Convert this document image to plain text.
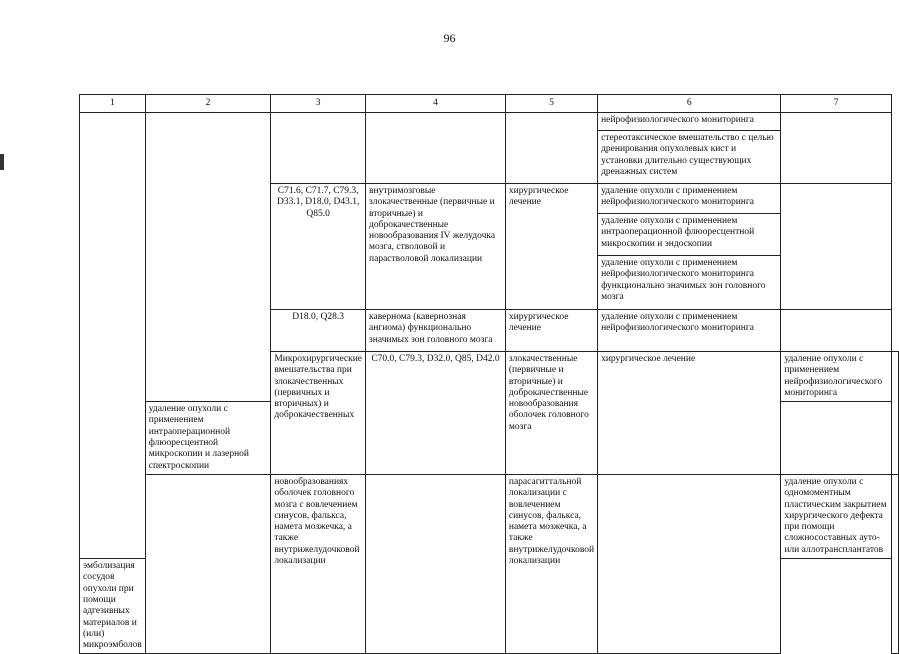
96
1	2	3	4	5	6	7	
					нейрофизиологического мониторинга		
					стереотаксическое вмешательство с целью дренирования опухолевых кист и установки длительно существующих дренажных систем		
		C71.6, C71.7, C79.3, D33.1, D18.0, D43.1, Q85.0	внутримозговые злокачественные (первичные и вторичные) и доброкачественные новообразования IV желудочка мозга, стволовой и парастволовой локализации	хирургическое лечение	удаление опухоли с применением нейрофизиологического мониторинга		
					удаление опухоли с применением интраоперационной флюоресцентной микроскопии и эндоскопии		
					удаление опухоли с применением нейрофизиологического мониторинга функционально значимых зон головного мозга		
		D18.0, Q28.3	кавернома (кавернозная ангиома) функционально значимых зон головного мозга	хирургическое лечение	удаление опухоли с применением нейрофизиологического мониторинга		
		Микрохирургические вмешательства при злокачественных (первичных и вторичных) и доброкачественных	C70.0, C79.3, D32.0, Q85, D42.0	злокачественные (первичные и вторичные) и доброкачественные новообразования оболочек головного мозга	хирургическое лечение	удаление опухоли с применением нейрофизиологического мониторинга	
	удаление опухоли с применением интраоперационной флюоресцентной микроскопии и лазерной спектроскопии						
		новообразованиях оболочек головного мозга с вовлечением синусов, фалькса, намета мозжечка, а также внутрижелудочковой локализации		парасагиттальной локализации с вовлечением синусов, фалькса, намета мозжечка, а также внутрижелудочковой локализации		удаление опухоли с одномоментным пластическим закрытием хирургического дефекта при помощи сложносоставных ауто- или аллотрансплантатов	
эмболизация сосудов опухоли при помощи адгезивных материалов и (или) микроэмболов							
